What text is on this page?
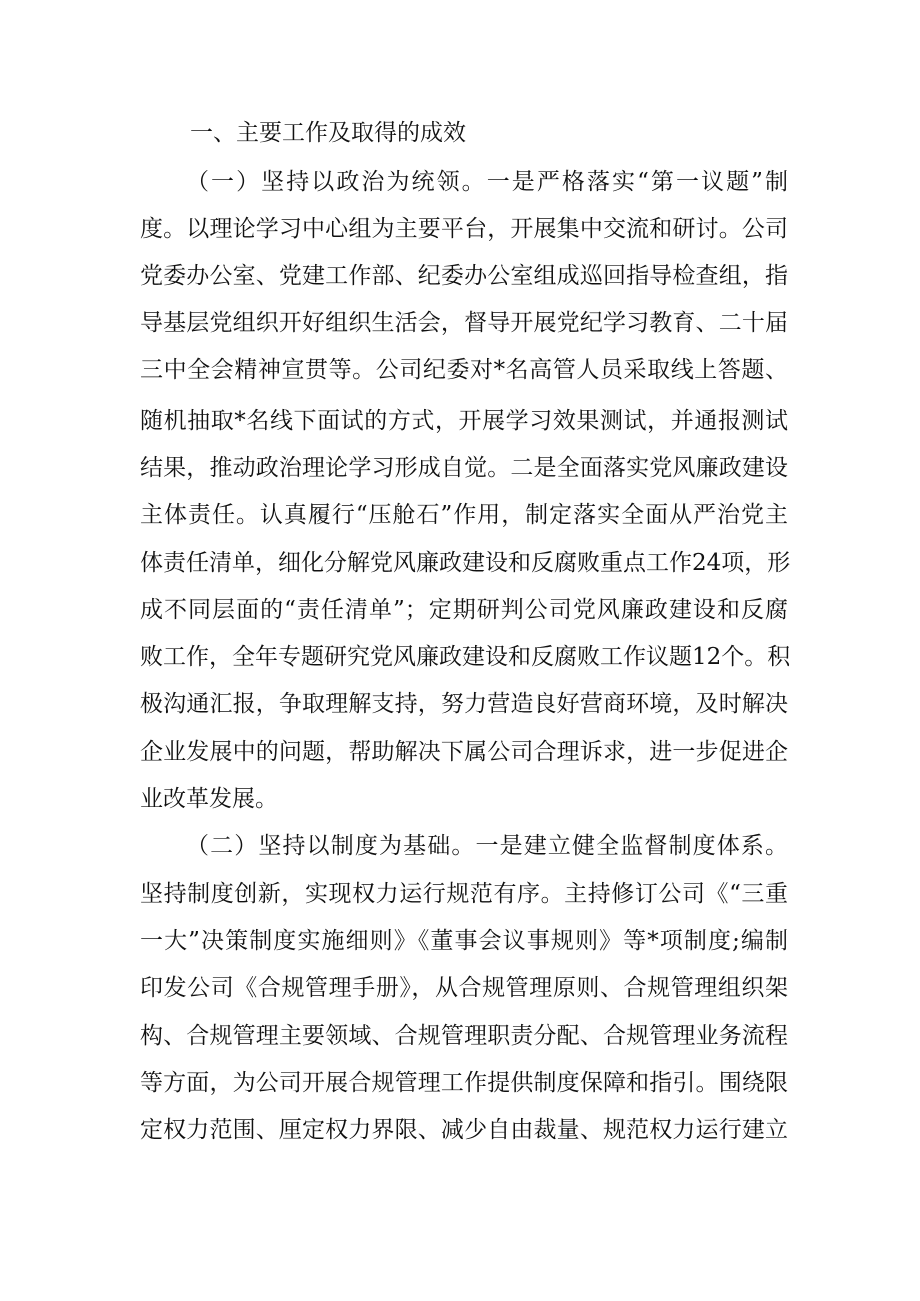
一、主要工作及取得的成效
（一）坚持以政治为统领。一是严格落实“第一议题”制
度。以理论学习中心组为主要平台，开展集中交流和研讨。公司
党委办公室、党建工作部、纪委办公室组成巡回指导检查组，指
导基层党组织开好组织生活会，督导开展党纪学习教育、二十届
三中全会精神宣贯等。公司纪委对*名高管人员采取线上答题、
随机抽取*名线下面试的方式，开展学习效果测试，并通报测试
结果，推动政治理论学习形成自觉。二是全面落实党风廉政建设
主体责任。认真履行“压舱石”作用，制定落实全面从严治党主
体责任清单，细化分解党风廉政建设和反腐败重点工作24项，形
成不同层面的“责任清单”；定期研判公司党风廉政建设和反腐
败工作，全年专题研究党风廉政建设和反腐败工作议题12个。积
极沟通汇报，争取理解支持，努力营造良好营商环境，及时解决
企业发展中的问题，帮助解决下属公司合理诉求，进一步促进企
业改革发展。
（二）坚持以制度为基础。一是建立健全监督制度体系。
坚持制度创新，实现权力运行规范有序。主持修订公司《“三重
一大”决策制度实施细则》《董事会议事规则》等*项制度;编制
印发公司《合规管理手册》，从合规管理原则、合规管理组织架
构、合规管理主要领域、合规管理职责分配、合规管理业务流程
等方面，为公司开展合规管理工作提供制度保障和指引。围绕限
定权力范围、厘定权力界限、减少自由裁量、规范权力运行建立
